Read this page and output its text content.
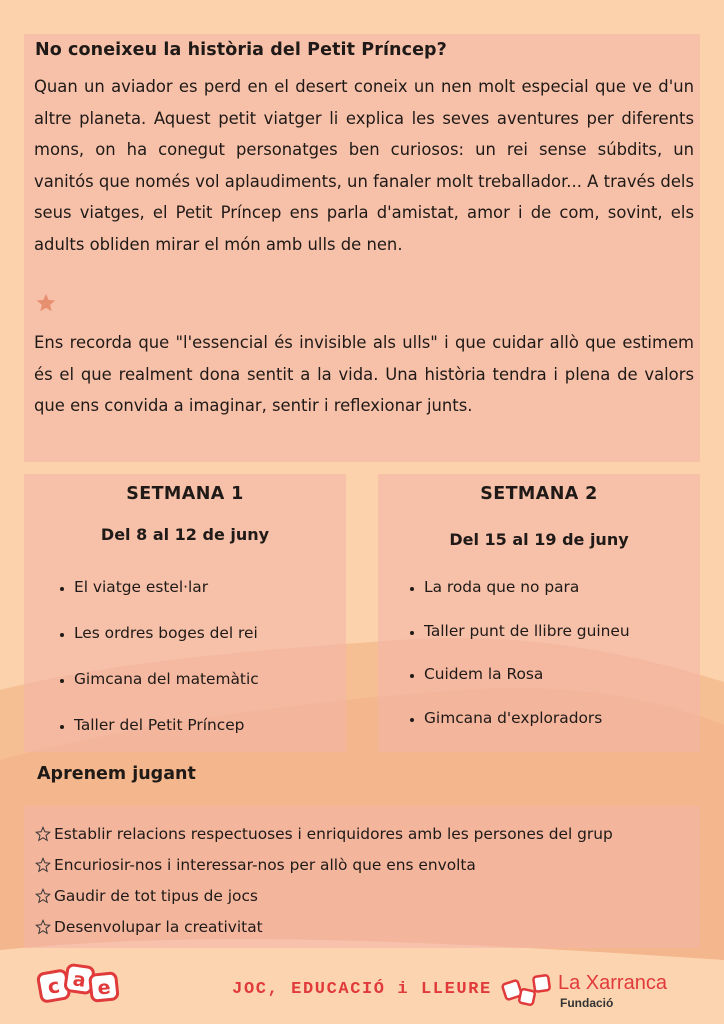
No coneixeu la història del Petit Príncep?
Quan un aviador es perd en el desert coneix un nen molt especial que ve d'un altre planeta. Aquest petit viatger li explica les seves aventures per diferents mons, on ha conegut personatges ben curiosos: un rei sense súbdits, un vanitós que només vol aplaudiments, un fanaler molt treballador... A través dels seus viatges, el Petit Príncep ens parla d'amistat, amor i de com, sovint, els adults obliden mirar el món amb ulls de nen.
Ens recorda que "l'essencial és invisible als ulls" i que cuidar allò que estimem és el que realment dona sentit a la vida. Una història tendra i plena de valors que ens convida a imaginar, sentir i reflexionar junts.
SETMANA 1
Del 8 al 12 de juny
El viatge estel·lar
Les ordres boges del rei
Gimcana del matemàtic
Taller del Petit Príncep
SETMANA 2
Del 15 al 19 de juny
La roda que no para
Taller punt de llibre guineu
Cuidem la Rosa
Gimcana d'exploradors
Aprenem jugant
Establir relacions respectuoses i enriquidores amb les persones del grup
Encuriosir-nos i interessar-nos per allò que ens envolta
Gaudir de tot tipus de jocs
Desenvolupar la creativitat
c a e	JOC, EDUCACIÓ i LLEURE	La Xarranca
Fundació
